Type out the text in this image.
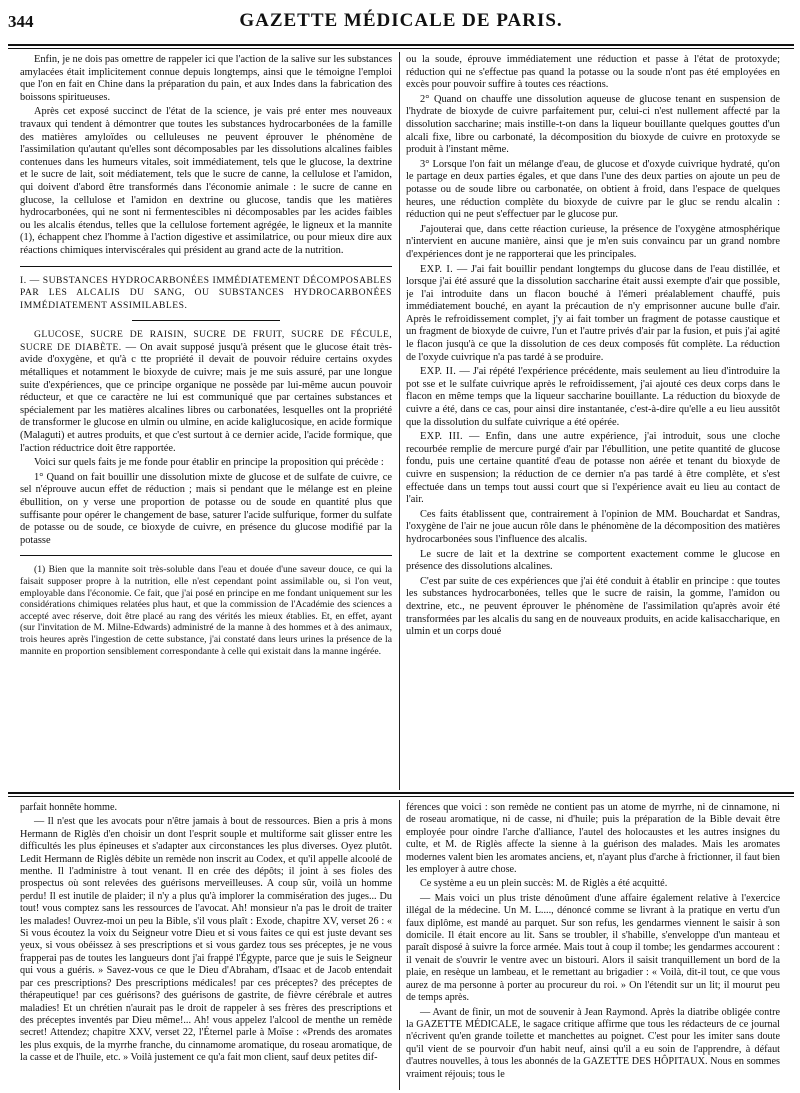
344	GAZETTE MÉDICALE DE PARIS.

Enfin, je ne dois pas omettre de rappeler ici que l'action de la salive sur les substances amylacées était implicitement connue depuis longtemps, ainsi que le témoigne l'emploi que l'on en fait en Chine dans la préparation du pain, et aux Indes dans la fabrication des boissons spiritueuses.

Après cet exposé succinct de l'état de la science, je vais pré enter mes nouveaux travaux qui tendent à démontrer que toutes les substances hydrocarbonées de la famille des matières amyloïdes ou celluleuses ne peuvent éprouver le phénomène de l'assimilation qu'autant qu'elles sont décomposables par les dissolutions alcalines faibles contenues dans les humeurs vitales, soit immédiatement, tels que le glucose, la dextrine et le sucre de lait, soit médiatement, tels que le sucre de canne, la cellulose et l'amidon, qui doivent d'abord être transformés dans l'économie animale : le sucre de canne en glucose, la cellulose et l'amidon en dextrine ou glucose, tandis que les matières hydrocarbonées, qui ne sont ni fermentescibles ni décomposables par les acides faibles ou les alcalis étendus, telles que la cellulose fortement agrégée, le ligneux et la mannite (1), échappent chez l'homme à l'action digestive et assimilatrice, ou pour mieux dire aux réactions chimiques interviscérales qui président au grand acte de la nutrition.

I. — SUBSTANCES HYDROCARBONÉES IMMÉDIATEMENT DÉCOMPOSABLES PAR LES ALCALIS DU SANG, OU SUBSTANCES HYDROCARBONÉES IMMÉDIATEMENT ASSIMILABLES.

GLUCOSE, SUCRE DE RAISIN, SUCRE DE FRUIT, SUCRE DE FÉCULE, SUCRE DE DIABÈTE. — On avait supposé jusqu'à présent que le glucose était très-avide d'oxygène, et qu'à c tte propriété il devait de pouvoir réduire certains oxydes métalliques et notamment le bioxyde de cuivre; mais je me suis assuré, par une longue suite d'expériences, que ce principe organique ne possède par lui-même aucun pouvoir réducteur, et que ce caractère ne lui est communiqué que par certaines substances et spécialement par les matières alcalines libres ou carbonatées, lesquelles ont la propriété de transformer le glucose en ulmin ou ulmine, en acide kaliglucosique, en acide formique (Malaguti) et autres produits, et que c'est surtout à ce dernier acide, l'acide formique, que l'action réductrice doit être rapportée.

Voici sur quels faits je me fonde pour établir en principe la proposition qui précède :

1° Quand on fait bouillir une dissolution mixte de glucose et de sulfate de cuivre, ce sel n'éprouve aucun effet de réduction ; mais si pendant que le mélange est en pleine ébullition, on y verse une proportion de potasse ou de soude en quantité plus que suffisante pour opérer le changement de base, saturer l'acide sulfurique, former du sulfate de potasse ou de soude, ce bioxyde de cuivre, en présence du glucose modifié par la potasse

(1) Bien que la mannite soit très-soluble dans l'eau et douée d'une saveur douce, ce qui la faisait supposer propre à la nutrition, elle n'est cependant point assimilable ou, si l'on veut, employable dans l'économie. Ce fait, que j'ai posé en principe en me fondant uniquement sur les considérations chimiques relatées plus haut, et que la commission de l'Académie des sciences a accepté avec réserve, doit être placé au rang des vérités les mieux établies. Et, en effet, ayant (sur l'invitation de M. Milne-Edwards) administré de la manne à des hommes et à des animaux, trois heures après l'ingestion de cette substance, j'ai constaté dans leurs urines la présence de la mannite en proportion sensiblement correspondante à celle qui existait dans la manne ingérée.

ou la soude, éprouve immédiatement une réduction et passe à l'état de protoxyde; réduction qui ne s'effectue pas quand la potasse ou la soude n'ont pas été employées en excès pour pouvoir suffire à toutes ces réactions.

2° Quand on chauffe une dissolution aqueuse de glucose tenant en suspension de l'hydrate de bioxyde de cuivre parfaitement pur, celui-ci n'est nullement affecté par la dissolution saccharine; mais instille-t-on dans la liqueur bouillante quelques gouttes d'un alcali fixe, libre ou carbonaté, la décomposition du bioxyde de cuivre en protoxyde se produit à l'instant même.

3° Lorsque l'on fait un mélange d'eau, de glucose et d'oxyde cuivrique hydraté, qu'on le partage en deux parties égales, et que dans l'une des deux parties on ajoute un peu de potasse ou de soude libre ou carbonatée, on obtient à froid, dans l'espace de quelques heures, une réduction complète du bioxyde de cuivre par le gluc se rendu alcalin : réduction qui ne peut s'effectuer par le glucose pur.

J'ajouterai que, dans cette réaction curieuse, la présence de l'oxygène atmosphérique n'intervient en aucune manière, ainsi que je m'en suis convaincu par un grand nombre d'expériences dont je ne rapporterai que les principales.

EXP. I. — J'ai fait bouillir pendant longtemps du glucose dans de l'eau distillée, et lorsque j'ai été assuré que la dissolution saccharine était aussi exempte d'air que possible, je l'ai introduite dans un flacon bouché à l'émeri préalablement chauffé, puis immédiatement bouché, en ayant la précaution de n'y emprisonner aucune bulle d'air. Après le refroidissement complet, j'y ai fait tomber un fragment de potasse caustique et un fragment de bioxyde de cuivre, l'un et l'autre privés d'air par la fusion, et puis j'ai agité le flacon jusqu'à ce que la dissolution de ces deux composés fût complète. La réduction de l'oxyde cuivrique n'a pas tardé à se produire.

EXP. II. — J'ai répété l'expérience précédente, mais seulement au lieu d'introduire la pot sse et le sulfate cuivrique après le refroidissement, j'ai ajouté ces deux corps dans le flacon en même temps que la liqueur saccharine bouillante. La réduction du bioxyde de cuivre a été, dans ce cas, pour ainsi dire instantanée, c'est-à-dire qu'elle a eu lieu aussitôt que la dissolution du sulfate cuivrique a été opérée.

EXP. III. — Enfin, dans une autre expérience, j'ai introduit, sous une cloche recourbée remplie de mercure purgé d'air par l'ébullition, une petite quantité de glucose fondu, puis une certaine quantité d'eau de potasse non aérée et tenant du bioxyde de cuivre en suspension; la réduction de ce dernier n'a pas tardé à être complète, et s'est effectuée dans un temps tout aussi court que si l'expérience avait eu lieu au contact de l'air.

Ces faits établissent que, contrairement à l'opinion de MM. Bouchardat et Sandras, l'oxygène de l'air ne joue aucun rôle dans le phénomène de la décomposition des matières hydrocarbonées sous l'influence des alcalis.

Le sucre de lait et la dextrine se comportent exactement comme le glucose en présence des dissolutions alcalines.

C'est par suite de ces expériences que j'ai été conduit à établir en principe : que toutes les substances hydrocarbonées, telles que le sucre de raisin, la gomme, l'amidon ou dextrine, etc., ne peuvent éprouver le phénomène de l'assimilation qu'après avoir été transformées par les alcalis du sang en de nouveaux produits, en acide kalisaccharique, en ulmin et un corps doué

parfait honnête homme.

— Il n'est que les avocats pour n'être jamais à bout de ressources. Bien a pris à mons Hermann de Riglès d'en choisir un dont l'esprit souple et multiforme sait glisser entre les difficultés les plus épineuses et s'adapter aux circonstances les plus diverses. Oyez plutôt. Ledit Hermann de Riglès débite un remède non inscrit au Codex, et qu'il appelle alcoolé de menthe. Il l'administre à tout venant. Il en crée des dépôts; il joint à ses fioles des prospectus où sont relevées des guérisons merveilleuses. A coup sûr, voilà un homme perdu! Il est inutile de plaider; il n'y a plus qu'à implorer la commisération des juges... Du tout! vous comptez sans les ressources de l'avocat. Ah! monsieur n'a pas le droit de traiter les malades! Ouvrez-moi un peu la Bible, s'il vous plaît : Exode, chapitre XV, verset 26 : « Si vous écoutez la voix du Seigneur votre Dieu et si vous faites ce qui est juste devant ses yeux, si vous obéissez à ses prescriptions et si vous gardez tous ses préceptes, je ne vous frapperai pas de toutes les langueurs dont j'ai frappé l'Égypte, parce que je suis le Seigneur qui vous a guéris. » Savez-vous ce que le Dieu d'Abraham, d'Isaac et de Jacob entendait par ces prescriptions? Des prescriptions médicales! par ces préceptes? des préceptes de thérapeutique! par ces guérisons? des guérisons de gastrite, de fièvre cérébrale et autres maladies! Et un chrétien n'aurait pas le droit de rappeler à ses frères des prescriptions et des préceptes inventés par Dieu même!... Ah! vous appelez l'alcool de menthe un remède secret! Attendez; chapitre XXV, verset 22, l'Éternel parle à Moïse : «Prends des aromates les plus exquis, de la myrrhe franche, du cinnamome aromatique, du roseau aromatique, de la casse et de l'huile, etc. » Voilà justement ce qu'a fait mon client, sauf deux petites dif-

férences que voici : son remède ne contient pas un atome de myrrhe, ni de cinnamone, ni de roseau aromatique, ni de casse, ni d'huile; puis la préparation de la Bible devait être employée pour oindre l'arche d'alliance, l'autel des holocaustes et les autres insignes du culte, et M. de Riglès affecte la sienne à la guérison des malades. Mais les aromates modernes valent bien les aromates anciens, et, n'ayant plus d'arche à frictionner, il faut bien les employer à autre chose.

Ce système a eu un plein succès: M. de Riglès a été acquitté.

— Mais voici un plus triste dénoûment d'une affaire également relative à l'exercice illégal de la médecine. Un M. L...., dénoncé comme se livrant à la pratique en vertu d'un faux diplôme, est mandé au parquet. Sur son refus, les gendarmes viennent le saisir à son domicile. Il était encore au lit. Sans se troubler, il s'habille, s'enveloppe d'un manteau et paraît disposé à suivre la force armée. Mais tout à coup il tombe; les gendarmes accourent : il venait de s'ouvrir le ventre avec un bistouri. Alors il saisit tranquillement un bord de la plaie, en resèque un lambeau, et le remettant au brigadier : « Voilà, dit-il tout, ce que vous aurez de ma personne à porter au procureur du roi. » On l'étendit sur un lit; il mourut peu de temps après.

— Avant de finir, un mot de souvenir à Jean Raymond. Après la diatribe obligée contre la GAZETTE MÉDICALE, le sagace critique affirme que tous les rédacteurs de ce journal n'écrivent qu'en grande toilette et manchettes au poignet. C'est pour les imiter sans doute qu'il vient de se pourvoir d'un habit neuf, ainsi qu'il a eu soin de l'apprendre, à défaut d'autres nouvelles, à tous les abonnés de la GAZETTE DES HÔPITAUX. Nous en sommes vraiment réjouis; tous le
